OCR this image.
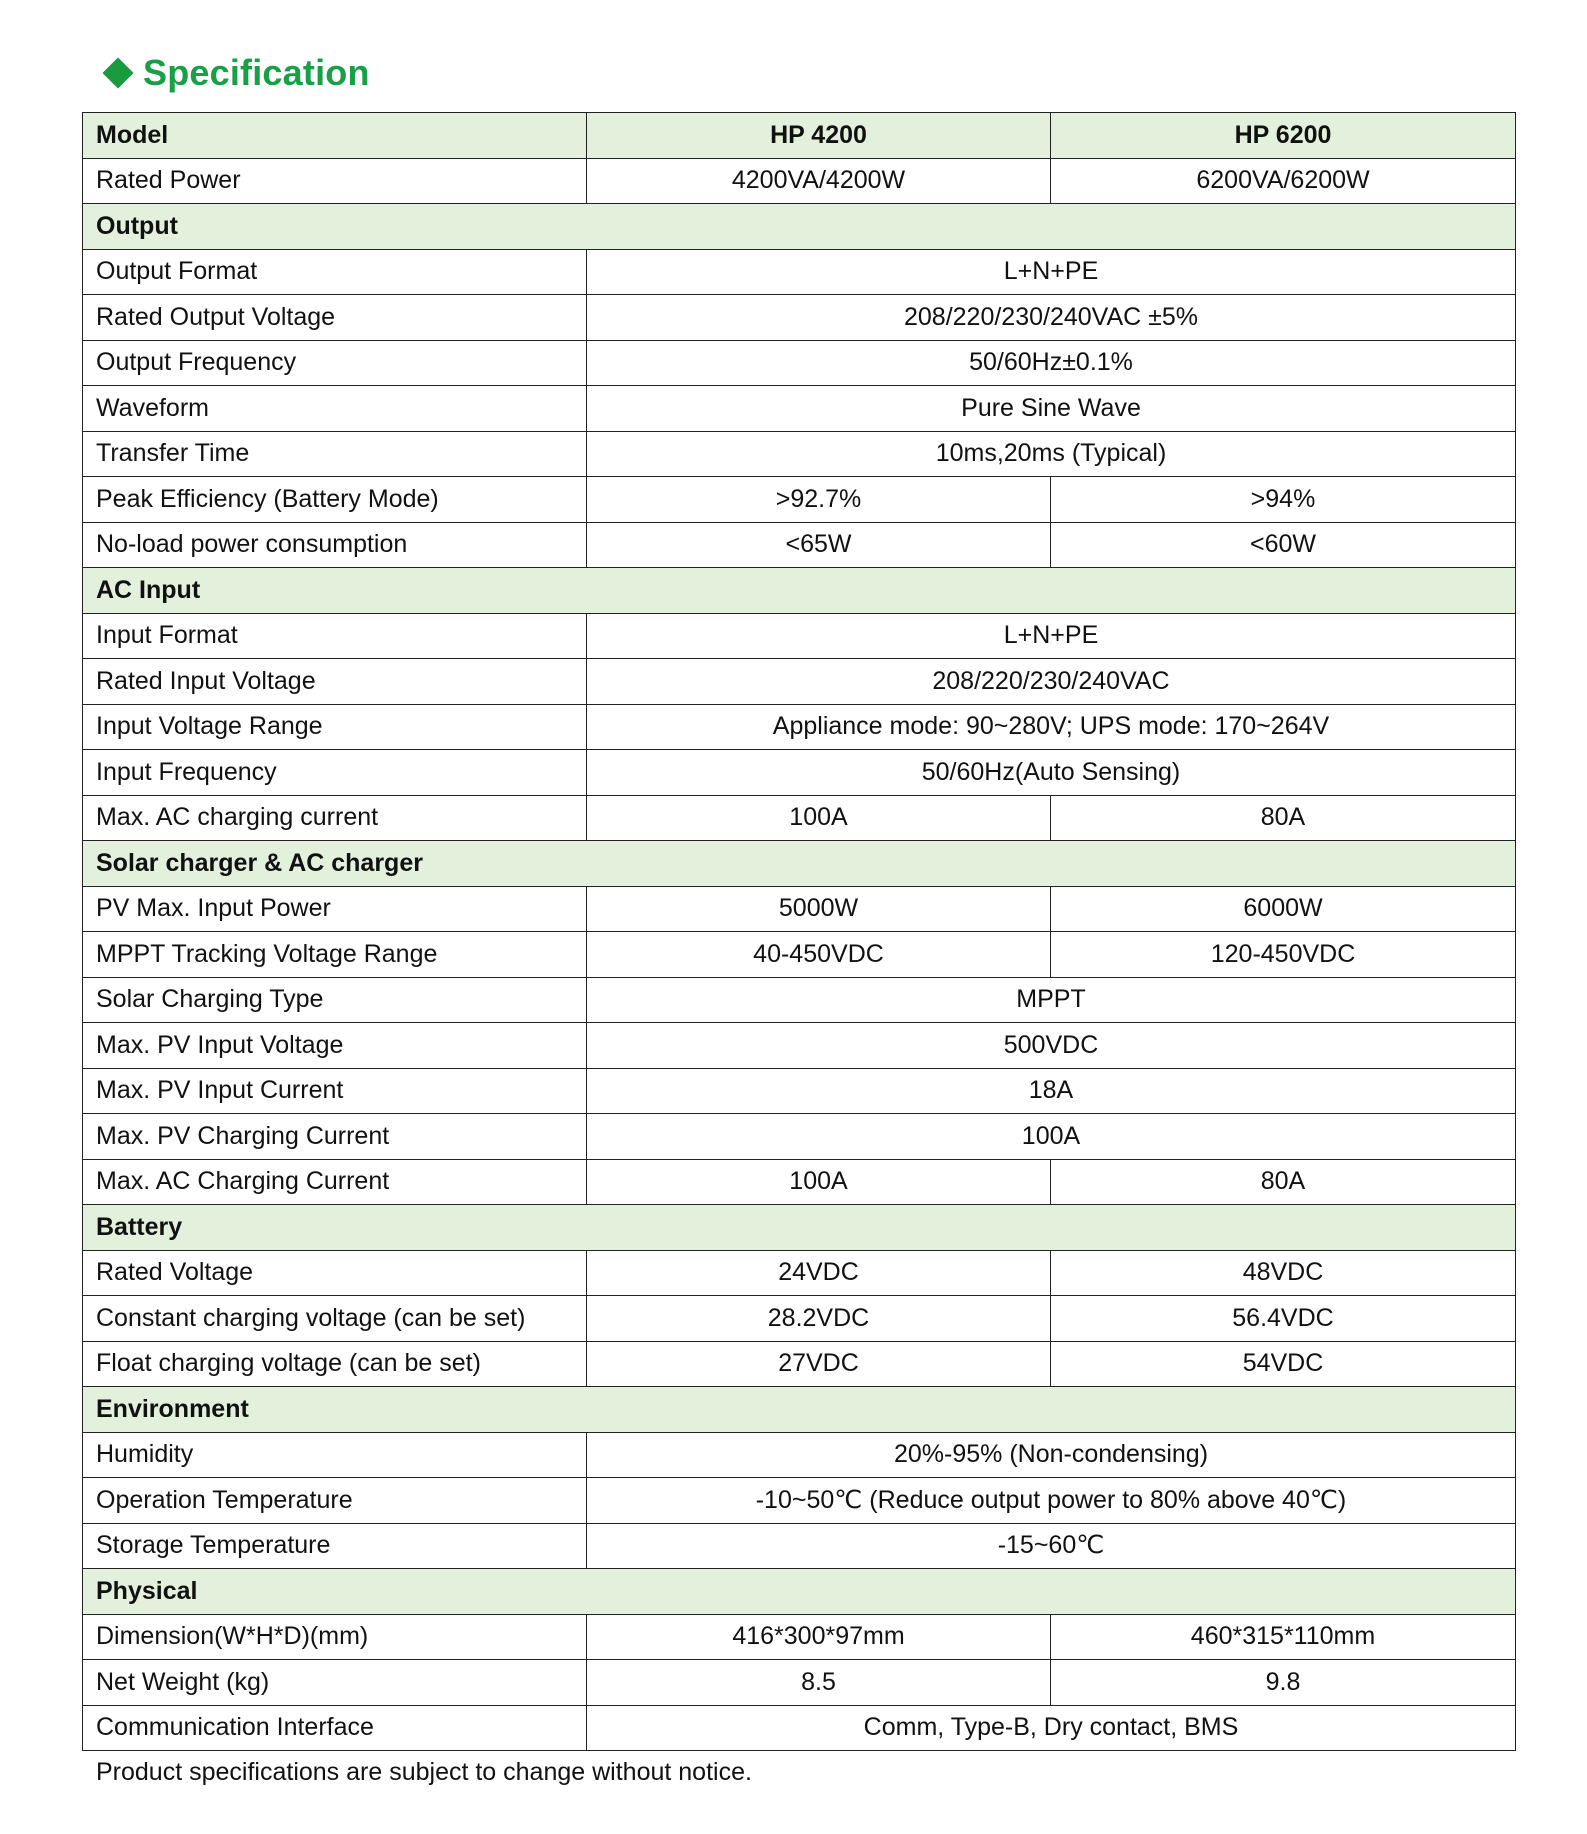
Specification
Model	HP 4200	HP 6200
Rated Power	4200VA/4200W	6200VA/6200W
Output		
Output Format	L+N+PE	
Rated Output Voltage	208/220/230/240VAC ±5%	
Output Frequency	50/60Hz±0.1%	
Waveform	Pure Sine Wave	
Transfer Time	10ms,20ms (Typical)	
Peak Efficiency (Battery Mode)	>92.7%	>94%
No-load power consumption	<65W	<60W
AC Input		
Input Format	L+N+PE	
Rated Input Voltage	208/220/230/240VAC	
Input Voltage Range	Appliance mode: 90~280V; UPS mode: 170~264V	
Input Frequency	50/60Hz(Auto Sensing)	
Max. AC charging current	100A	80A
Solar charger & AC charger		
PV Max. Input Power	5000W	6000W
MPPT Tracking Voltage Range	40-450VDC	120-450VDC
Solar Charging Type	MPPT	
Max. PV Input Voltage	500VDC	
Max. PV Input Current	18A	
Max. PV Charging Current	100A	
Max. AC Charging Current	100A	80A
Battery		
Rated Voltage	24VDC	48VDC
Constant charging voltage (can be set)	28.2VDC	56.4VDC
Float charging voltage (can be set)	27VDC	54VDC
Environment		
Humidity	20%-95% (Non-condensing)	
Operation Temperature	-10~50℃ (Reduce output power to 80% above 40℃)	
Storage Temperature	-15~60℃	
Physical		
Dimension(W*H*D)(mm)	416*300*97mm	460*315*110mm
Net Weight (kg)	8.5	9.8
Communication Interface	Comm, Type-B, Dry contact, BMS	
Product specifications are subject to change without notice.
